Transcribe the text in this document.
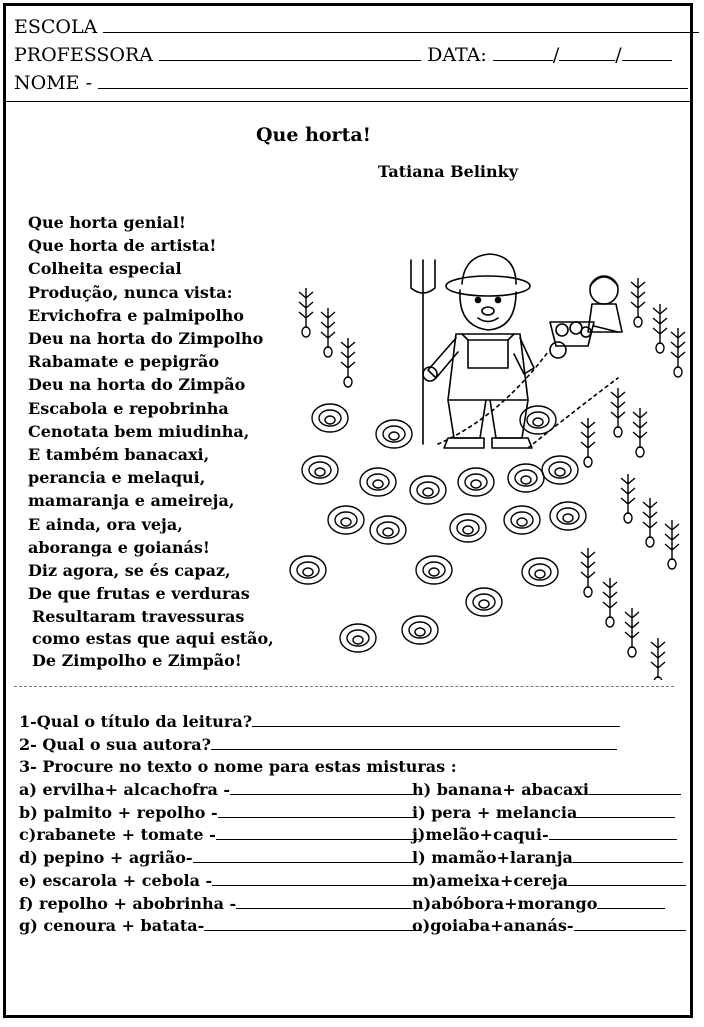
ESCOLA
PROFESSORA	DATA:	/	/
NOME -
Que horta!
Tatiana Belinky
Que horta genial!
Que horta de artista!
Colheita especial
Produção, nunca vista:
Ervichofra e palmipolho
Deu na horta do Zimpolho
Rabamate e pepigrão
Deu na horta do Zimpão
Escabola e repobrinha
Cenotata bem miudinha,
E também banacaxi,
perancia e melaqui,
mamaranja e ameireja,
E ainda, ora veja,
aboranga e goianás!
Diz agora, se és capaz,
De que frutas e verduras
Resultaram travessuras
como estas que aqui estão,
De Zimpolho e Zimpão!
1-Qual o título da leitura?
2- Qual o sua autora?
3- Procure no texto o nome para estas misturas :
a) ervilha+ alcachofra -
b) palmito + repolho -
c)rabanete + tomate -
d) pepino + agrião-
e) escarola + cebola -
f) repolho + abobrinha -
g) cenoura + batata-
h) banana+ abacaxi
i) pera + melancia
j)melão+caqui-
l) mamão+laranja
m)ameixa+cereja
n)abóbora+morango
o)goiaba+ananás-
